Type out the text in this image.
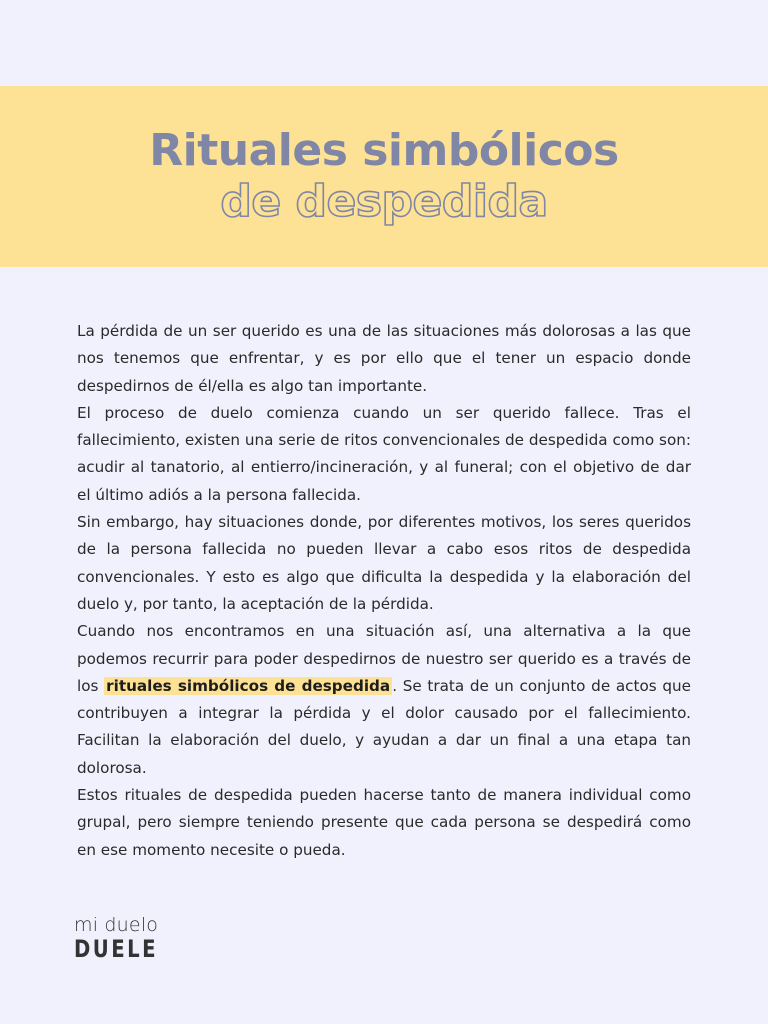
Rituales simbólicos
de despedida

La pérdida de un ser querido es una de las situaciones más dolorosas a las que nos tenemos que enfrentar, y es por ello que el tener un espacio donde despedirnos de él/ella es algo tan importante.

El proceso de duelo comienza cuando un ser querido fallece. Tras el fallecimiento, existen una serie de ritos convencionales de despedida como son: acudir al tanatorio, al entierro/incineración, y al funeral; con el objetivo de dar el último adiós a la persona fallecida.

Sin embargo, hay situaciones donde, por diferentes motivos, los seres queridos de la persona fallecida no pueden llevar a cabo esos ritos de despedida convencionales. Y esto es algo que dificulta la despedida y la elaboración del duelo y, por tanto, la aceptación de la pérdida.

Cuando nos encontramos en una situación así, una alternativa a la que podemos recurrir para poder despedirnos de nuestro ser querido es a través de los rituales simbólicos de despedida . Se trata de un conjunto de actos que contribuyen a integrar la pérdida y el dolor causado por el fallecimiento. Facilitan la elaboración del duelo, y ayudan a dar un final a una etapa tan dolorosa.

Estos rituales de despedida pueden hacerse tanto de manera individual como grupal, pero siempre teniendo presente que cada persona se despedirá como en ese momento necesite o pueda.

mi duelo
DUELE
